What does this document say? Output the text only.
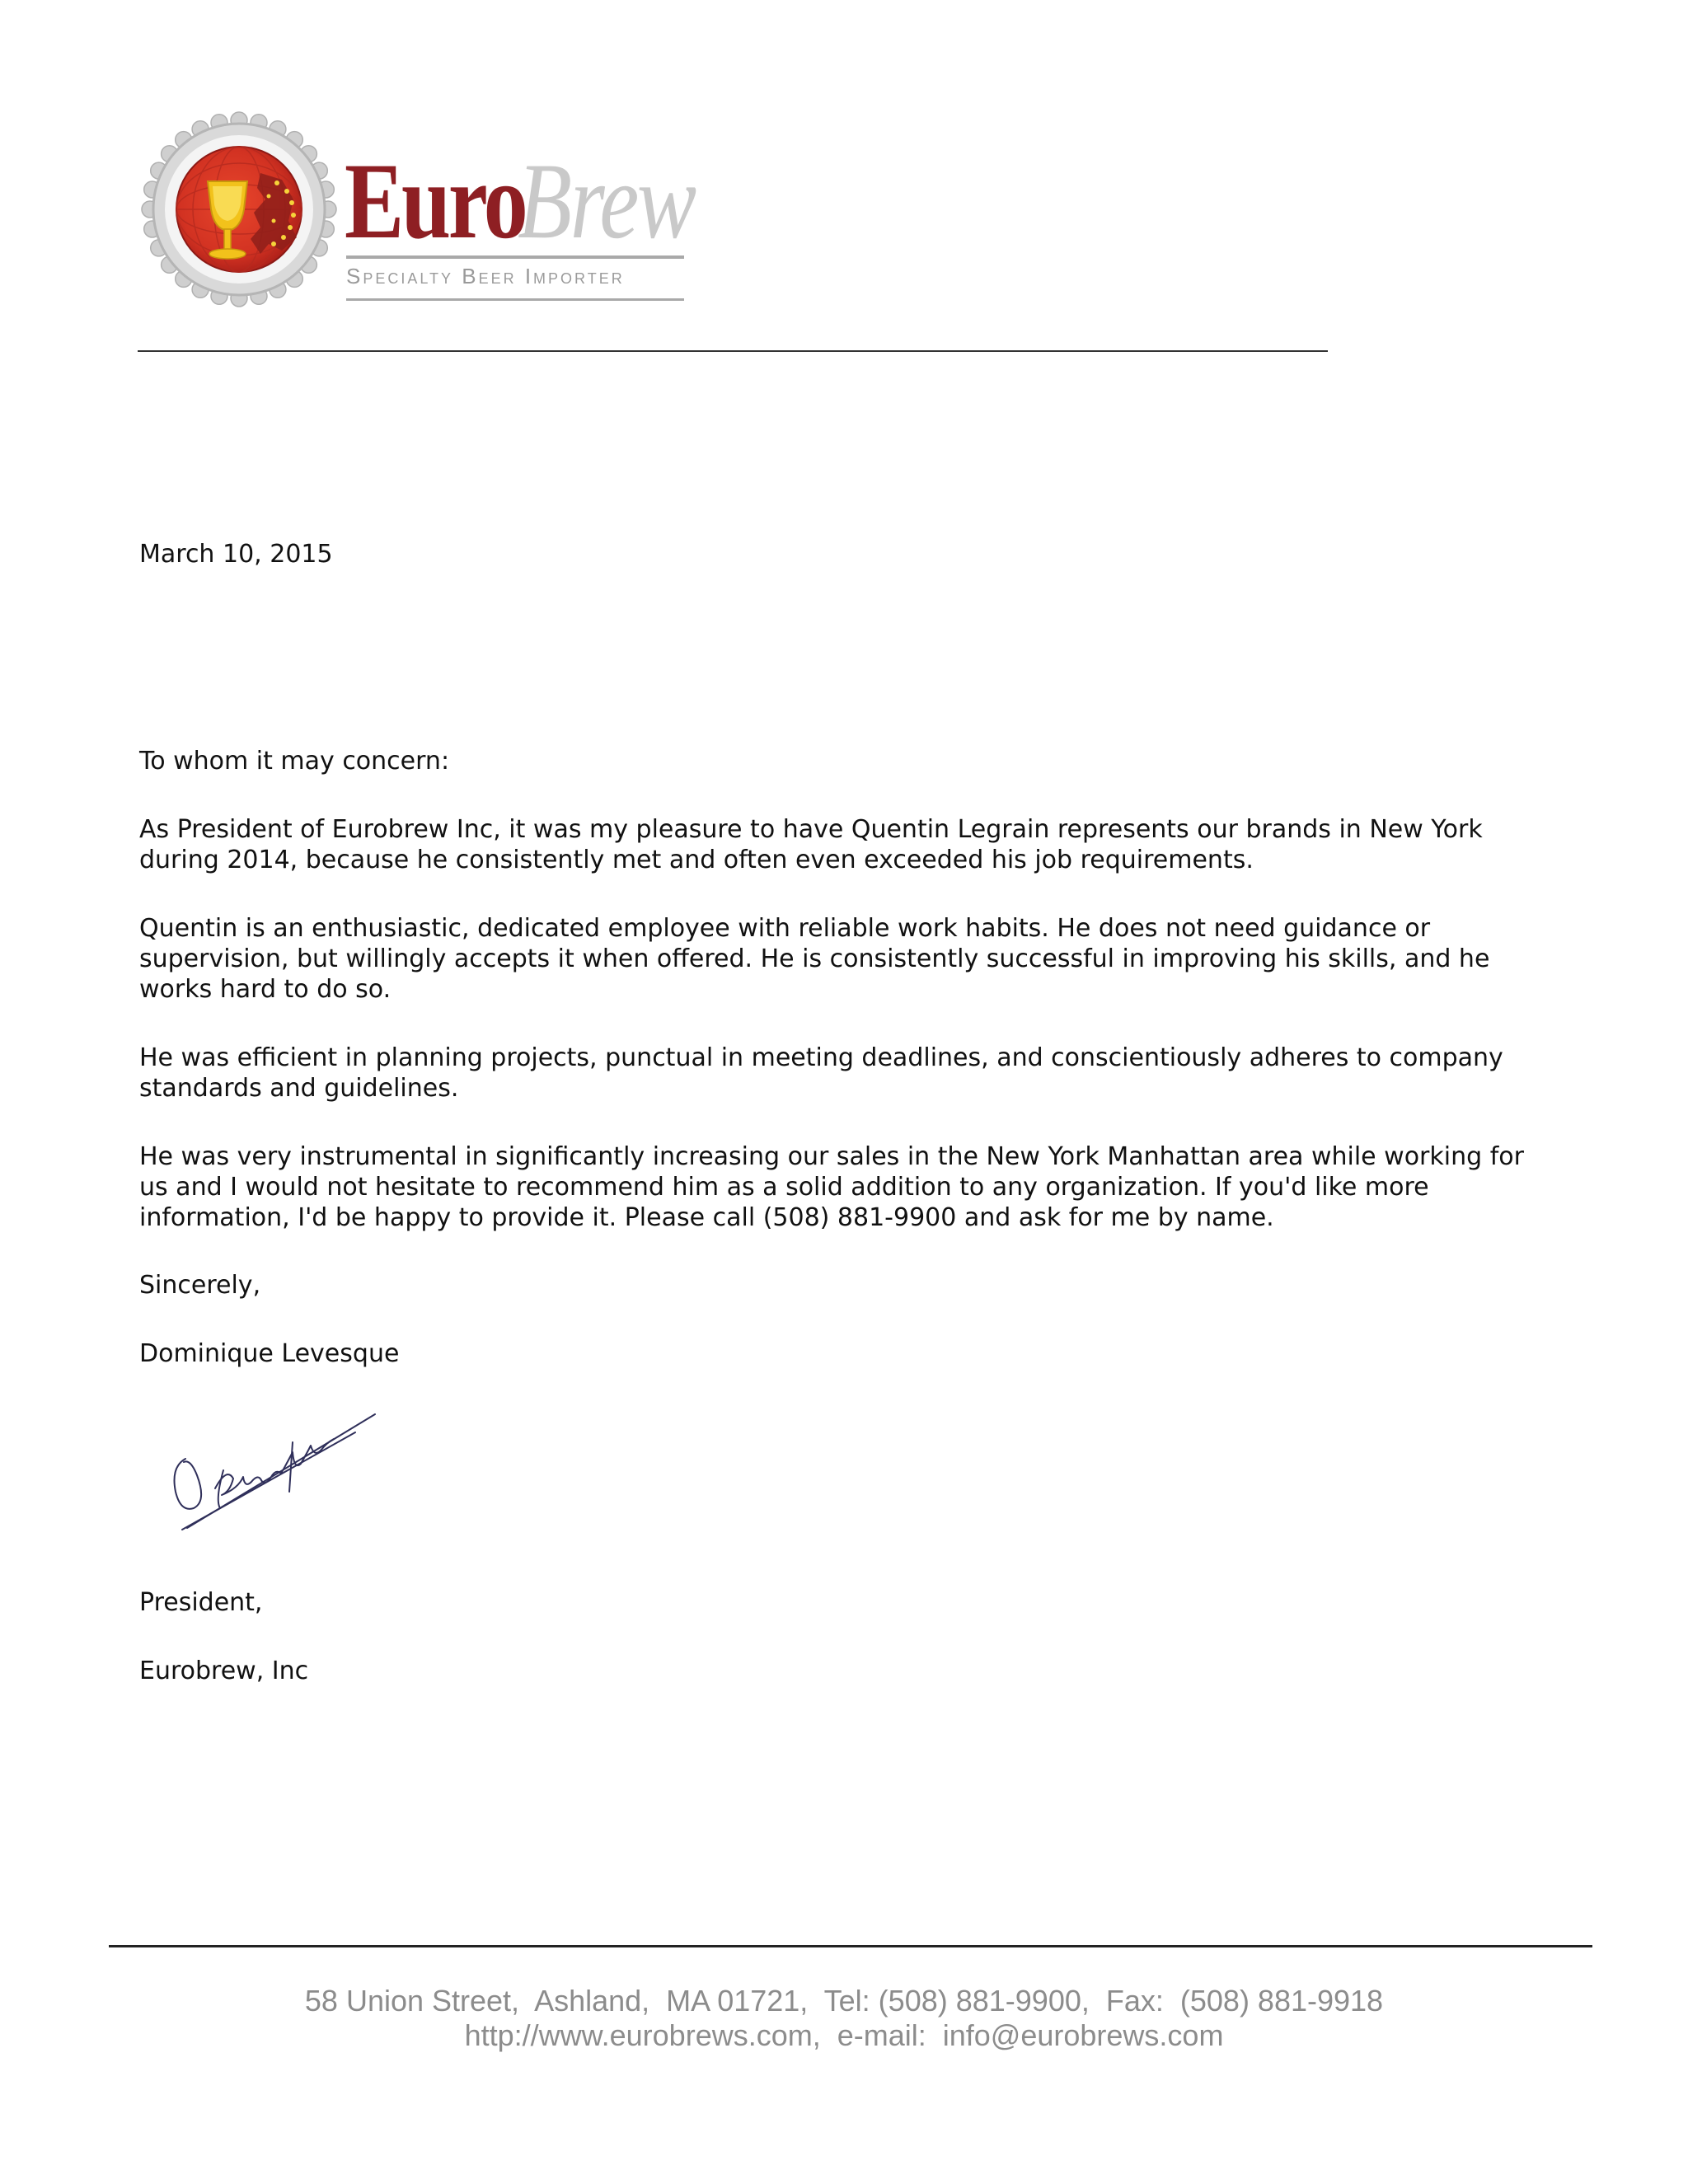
EuroBrew
Specialty Beer Importer
March 10, 2015
To whom it may concern:
As President of Eurobrew Inc, it was my pleasure to have Quentin Legrain represents our brands in New York during 2014, because he consistently met and often even exceeded his job requirements.
Quentin is an enthusiastic, dedicated employee with reliable work habits. He does not need guidance or supervision, but willingly accepts it when offered. He is consistently successful in improving his skills, and he works hard to do so.
He was efficient in planning projects, punctual in meeting deadlines, and conscientiously adheres to company standards and guidelines.
He was very instrumental in significantly increasing our sales in the New York Manhattan area while working for us and I would not hesitate to recommend him as a solid addition to any organization. If you'd like more information, I'd be happy to provide it. Please call (508) 881-9900 and ask for me by name.
Sincerely,
Dominique Levesque
President,
Eurobrew, Inc
58 Union Street,  Ashland,  MA 01721,  Tel: (508) 881-9900,  Fax:  (508) 881-9918
http://www.eurobrews.com,  e-mail:  info@eurobrews.com
